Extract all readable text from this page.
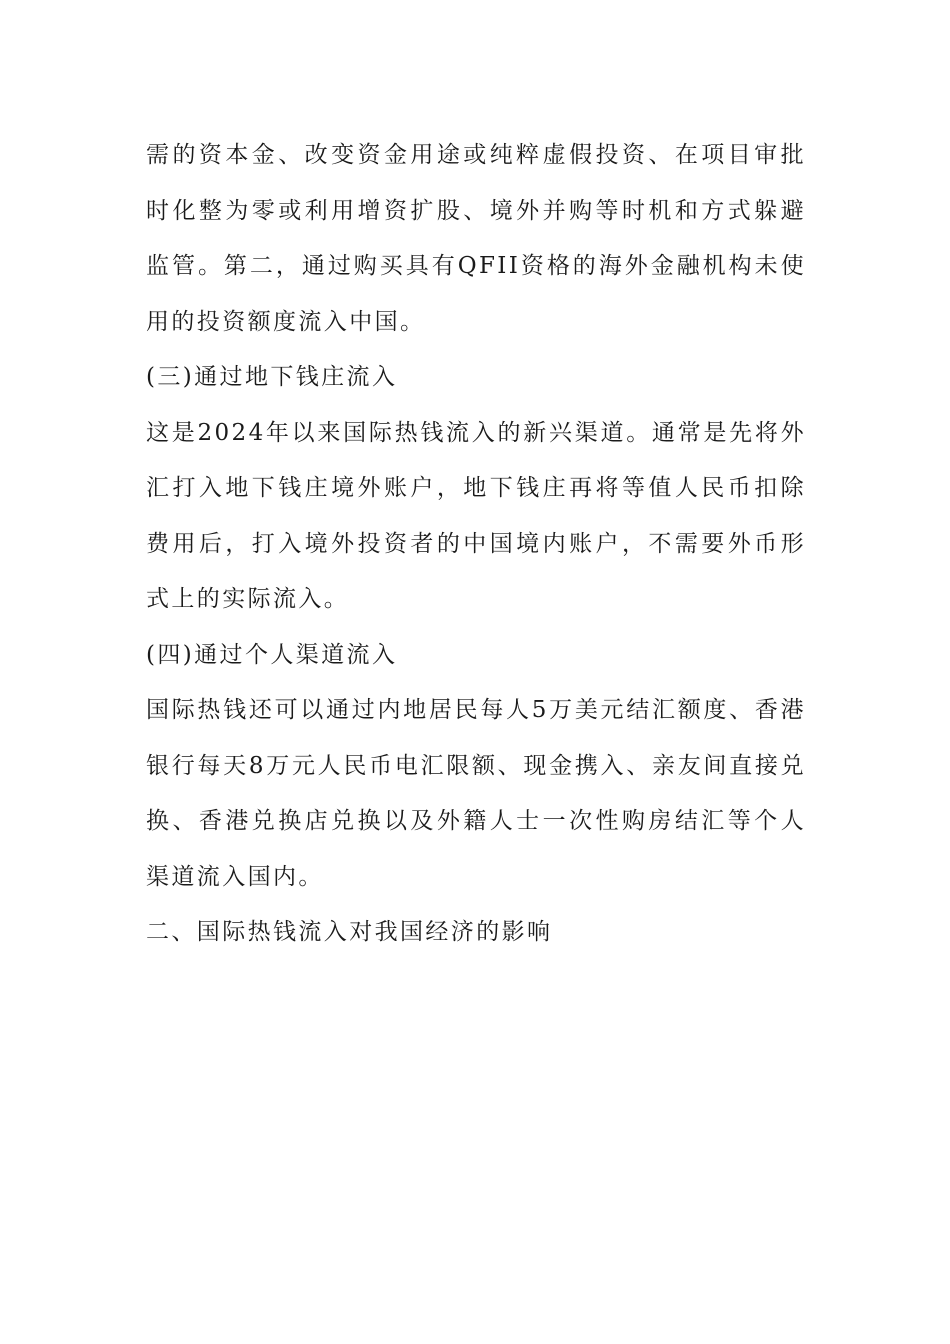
需的资本金、改变资金用途或纯粹虚假投资、在项目审批时化整为零或利用增资扩股、境外并购等时机和方式躲避监管。第二，通过购买具有QFII资格的海外金融机构未使用的投资额度流入中国。

(三)通过地下钱庄流入

这是2024年以来国际热钱流入的新兴渠道。通常是先将外汇打入地下钱庄境外账户，地下钱庄再将等值人民币扣除费用后，打入境外投资者的中国境内账户，不需要外币形式上的实际流入。

(四)通过个人渠道流入

国际热钱还可以通过内地居民每人5万美元结汇额度、香港银行每天8万元人民币电汇限额、现金携入、亲友间直接兑换、香港兑换店兑换以及外籍人士一次性购房结汇等个人渠道流入国内。

二、国际热钱流入对我国经济的影响
